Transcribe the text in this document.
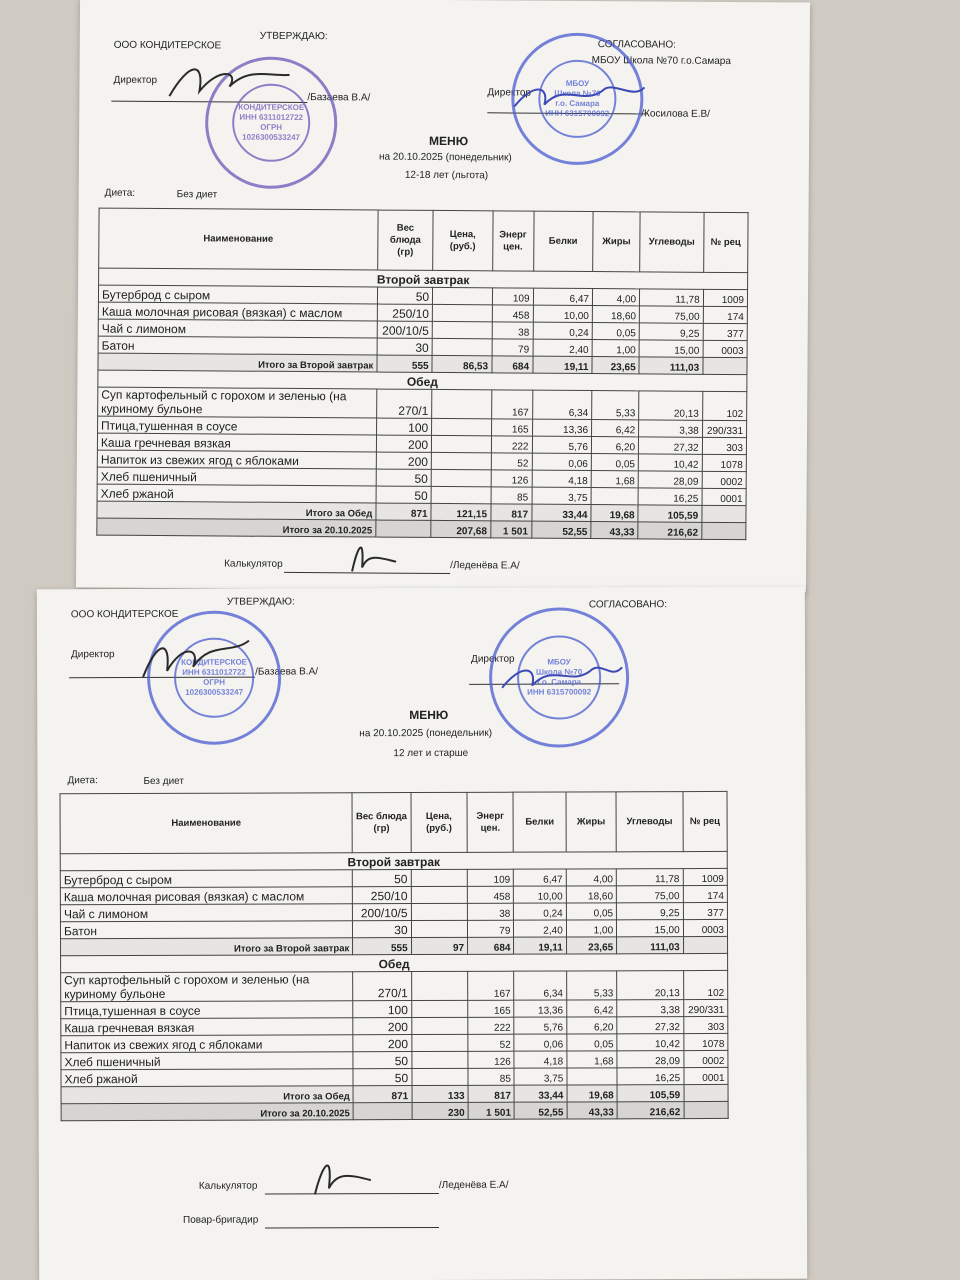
ООО КОНДИТЕРСКОЕ
УТВЕРЖДАЮ:
СОГЛАСОВАНО:
МБОУ Школа №70 г.о.Самара
Директор
/Базаева В.А/	Директор
/Косилова Е.В/
МЕНЮ
на 20.10.2025 (понедельник)
12-18 лет (льгота)
Диета:	Без диет
КОНДИТЕРСКОЕ
ИНН 6311012722
ОГРН 1026300533247
МБОУ
Школа №70
г.о. Самара
ИНН 6315700092
Наименование	Вес блюда (гр)	Цена, (руб.)	Энерг цен.	Белки	Жиры	Углеводы	№ рец
Второй завтрак							
Бутерброд с сыром	50		109	6,47	4,00	11,78	1009
Каша молочная рисовая (вязкая) с маслом	250/10		458	10,00	18,60	75,00	174
Чай с лимоном	200/10/5		38	0,24	0,05	9,25	377
Батон	30		79	2,40	1,00	15,00	0003
Итого за Второй завтрак	555	86,53	684	19,11	23,65	111,03	
Обед							
Суп картофельный с горохом и зеленью (на куриному бульоне	270/1		167	6,34	5,33	20,13	102
Птица,тушенная в соусе	100		165	13,36	6,42	3,38	290/331
Каша гречневая вязкая	200		222	5,76	6,20	27,32	303
Напиток из свежих ягод с яблоками	200		52	0,06	0,05	10,42	1078
Хлеб пшеничный	50		126	4,18	1,68	28,09	0002
Хлеб ржаной	50		85	3,75		16,25	0001
Итого за Обед	871	121,15	817	33,44	19,68	105,59	
Итого за 20.10.2025		207,68	1 501	52,55	43,33	216,62	
Калькулятор	/Леденёва Е.А/
ООО КОНДИТЕРСКОЕ
УТВЕРЖДАЮ:	СОГЛАСОВАНО:
Директор
/Базаева В.А/
Директор
МЕНЮ
на 20.10.2025 (понедельник)
12 лет и старше
Диета:	Без диет
КОНДИТЕРСКОЕ
ИНН 6311012722
ОГРН 1026300533247
МБОУ
Школа №70
г.о. Самара
ИНН 6315700092
Наименование	Вес блюда (гр)	Цена, (руб.)	Энерг цен.	Белки	Жиры	Углеводы	№ рец
Второй завтрак							
Бутерброд с сыром	50		109	6,47	4,00	11,78	1009
Каша молочная рисовая (вязкая) с маслом	250/10		458	10,00	18,60	75,00	174
Чай с лимоном	200/10/5		38	0,24	0,05	9,25	377
Батон	30		79	2,40	1,00	15,00	0003
Итого за Второй завтрак	555	97	684	19,11	23,65	111,03	
Обед							
Суп картофельный с горохом и зеленью (на куриному бульоне	270/1		167	6,34	5,33	20,13	102
Птица,тушенная в соусе	100		165	13,36	6,42	3,38	290/331
Каша гречневая вязкая	200		222	5,76	6,20	27,32	303
Напиток из свежих ягод с яблоками	200		52	0,06	0,05	10,42	1078
Хлеб пшеничный	50		126	4,18	1,68	28,09	0002
Хлеб ржаной	50		85	3,75		16,25	0001
Итого за Обед	871	133	817	33,44	19,68	105,59	
Итого за 20.10.2025		230	1 501	52,55	43,33	216,62	
Калькулятор	/Леденёва Е.А/
Повар-бригадир
